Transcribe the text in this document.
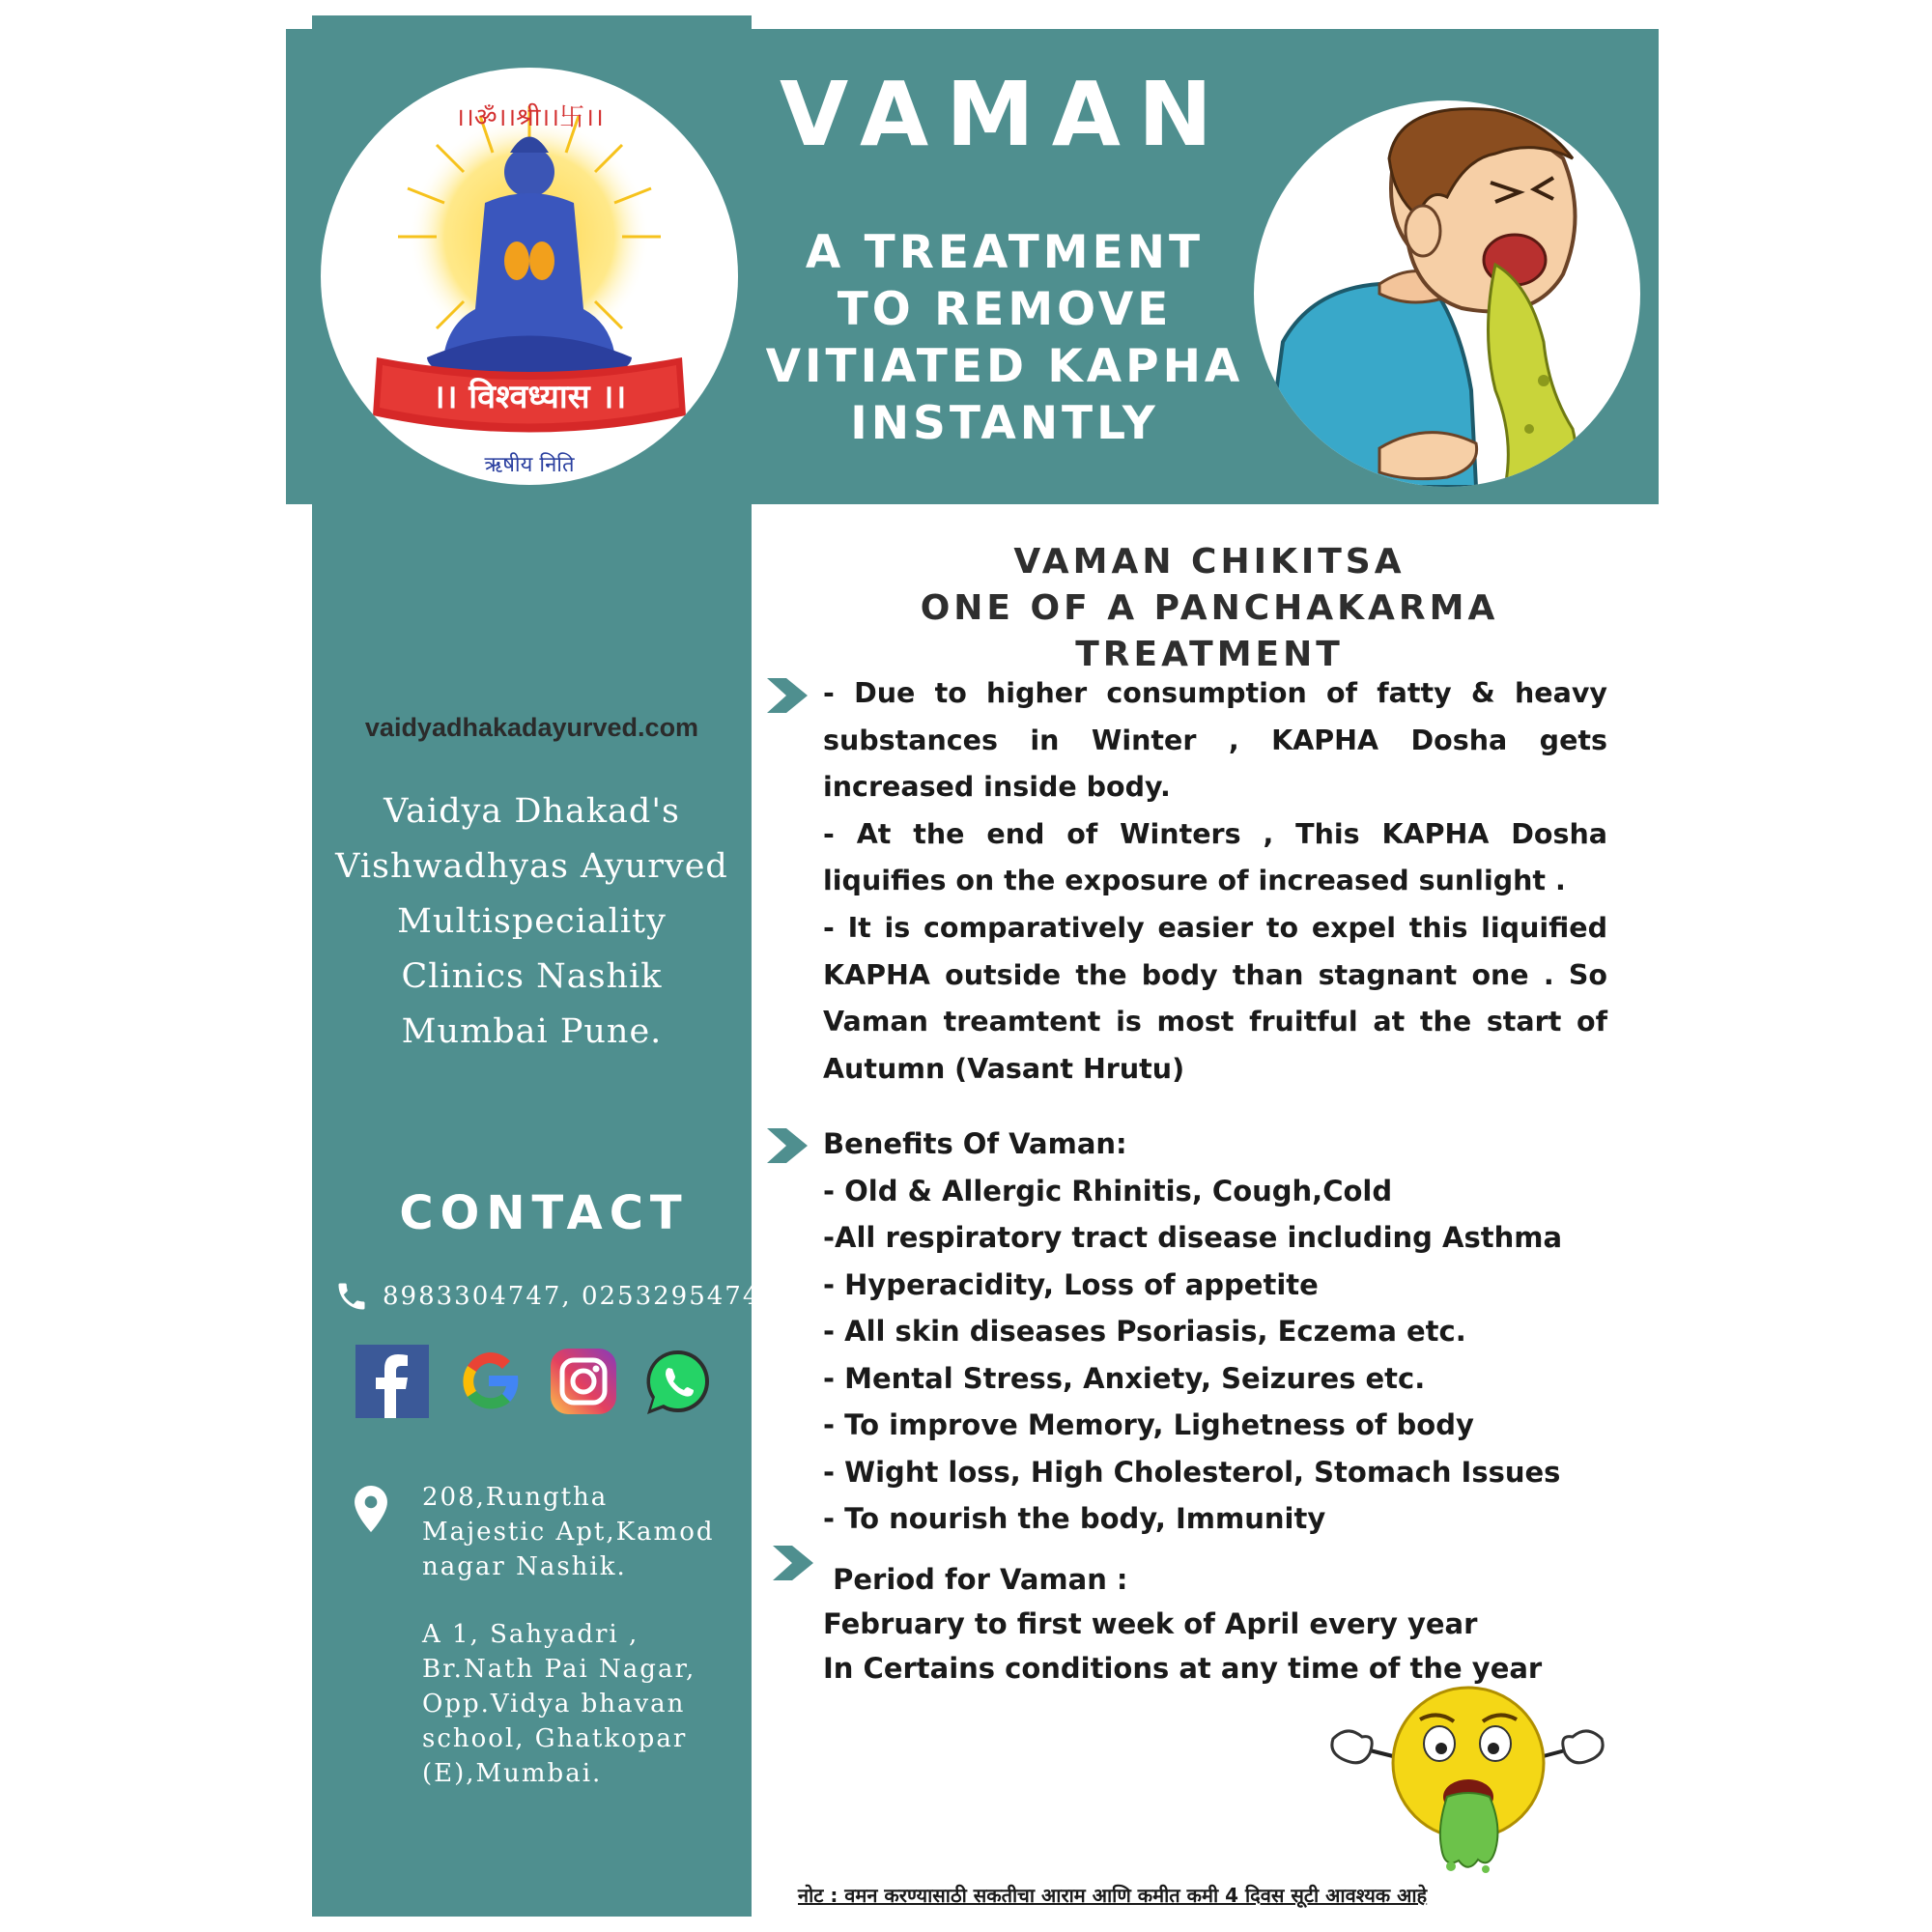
।।ॐ।।श्री।।卐।।
।। विश्वध्यास ।।
ऋषीय निति
VAMAN
A TREATMENT
TO REMOVE
VITIATED KAPHA
INSTANTLY
vaidyadhakadayurved.com
Vaidya Dhakad's
Vishwadhyas Ayurved
Multispeciality
Clinics Nashik
Mumbai Pune.
CONTACT
8983304747, 02532954747

208,Rungtha
Majestic Apt,Kamod
nagar Nashik.

A 1, Sahyadri ,
Br.Nath Pai Nagar,
Opp.Vidya bhavan
school, Ghatkopar
(E),Mumbai.

VAMAN CHIKITSA
ONE OF A PANCHAKARMA TREATMENT

- Due to higher consumption of fatty & heavy substances in Winter , KAPHA Dosha gets increased inside body.

- At the end of Winters , This KAPHA Dosha liquifies on the exposure of increased sunlight .

- It is comparatively easier to expel this liquified KAPHA outside the body than stagnant one . So Vaman treamtent is most fruitful at the start of Autumn (Vasant Hrutu)

Benefits Of Vaman:
- Old & Allergic Rhinitis, Cough,Cold
-All respiratory tract disease including Asthma
- Hyperacidity, Loss of appetite
- All skin diseases Psoriasis, Eczema etc.
- Mental Stress, Anxiety, Seizures etc.
- To improve Memory, Lighetness of body
- Wight loss, High Cholesterol, Stomach Issues
- To nourish the body, Immunity
Period for Vaman :
February to first week of April every year
In Certains conditions at any time of the year
नोट : वमन करण्यासाठी सकतीचा आराम आणि कमीत कमी 4 दिवस सूटी आवश्यक आहे
